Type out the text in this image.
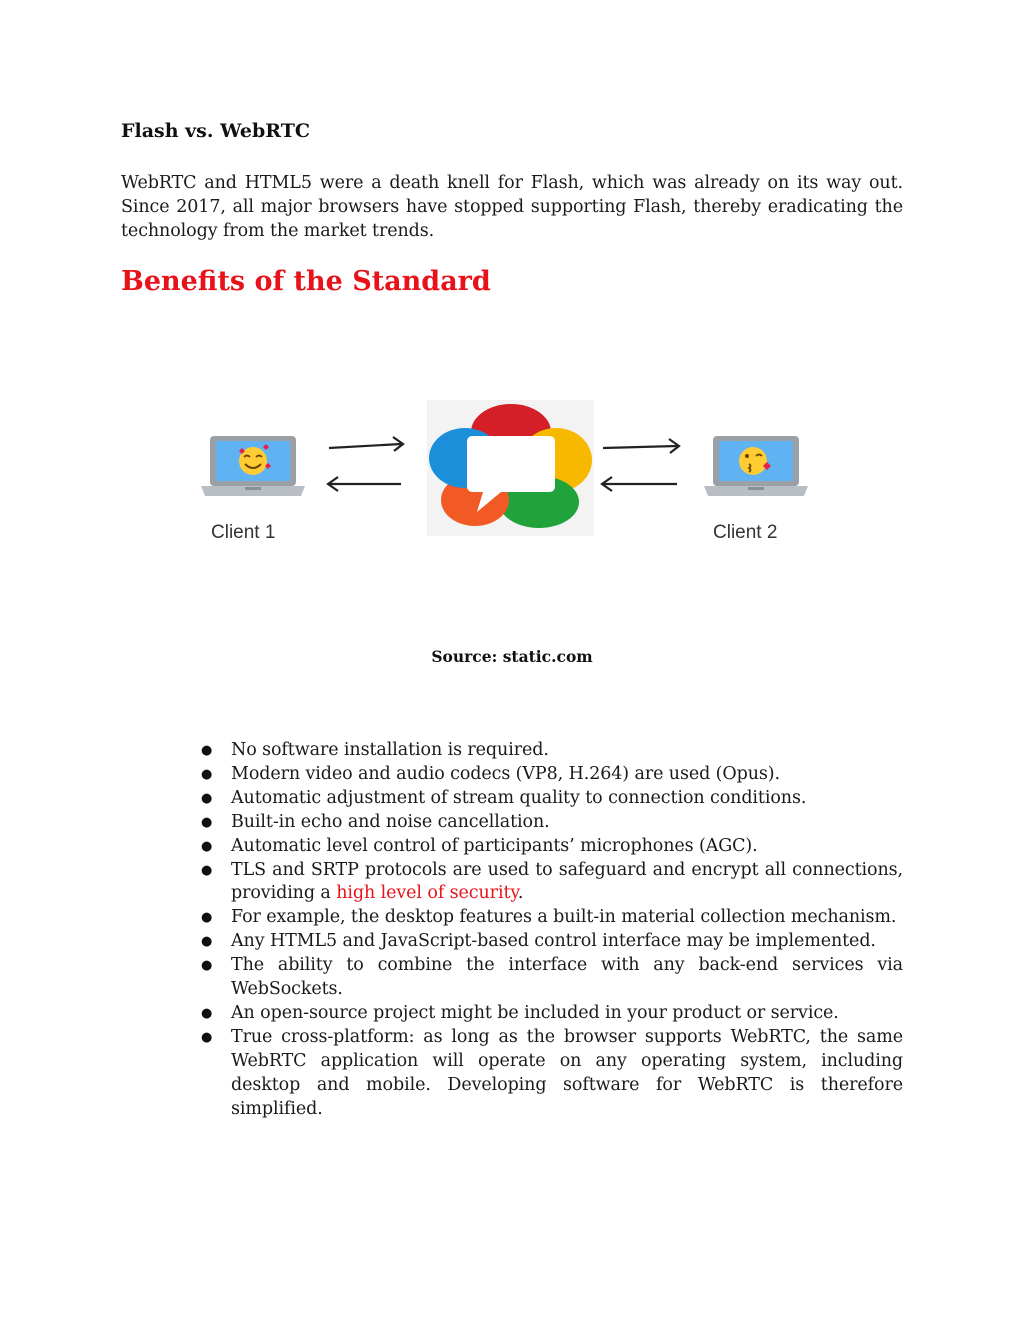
Flash vs. WebRTC

WebRTC and HTML5 were a death knell for Flash, which was already on its way out. Since 2017, all major browsers have stopped supporting Flash, thereby eradicating the technology from the market trends.

Benefits of the Standard
Client 1	Client 2

Source: static.com

● No software installation is required.
● Modern video and audio codecs (VP8, H.264) are used (Opus).
● Automatic adjustment of stream quality to connection conditions.
● Built-in echo and noise cancellation.
● Automatic level control of participants’ microphones (AGC).
● TLS and SRTP protocols are used to safeguard and encrypt all connections, providing a high level of security.
● For example, the desktop features a built-in material collection mechanism.
● Any HTML5 and JavaScript-based control interface may be implemented.
● The ability to combine the interface with any back-end services via WebSockets.
● An open-source project might be included in your product or service.
● True cross-platform: as long as the browser supports WebRTC, the same WebRTC application will operate on any operating system, including desktop and mobile. Developing software for WebRTC is therefore simplified.
